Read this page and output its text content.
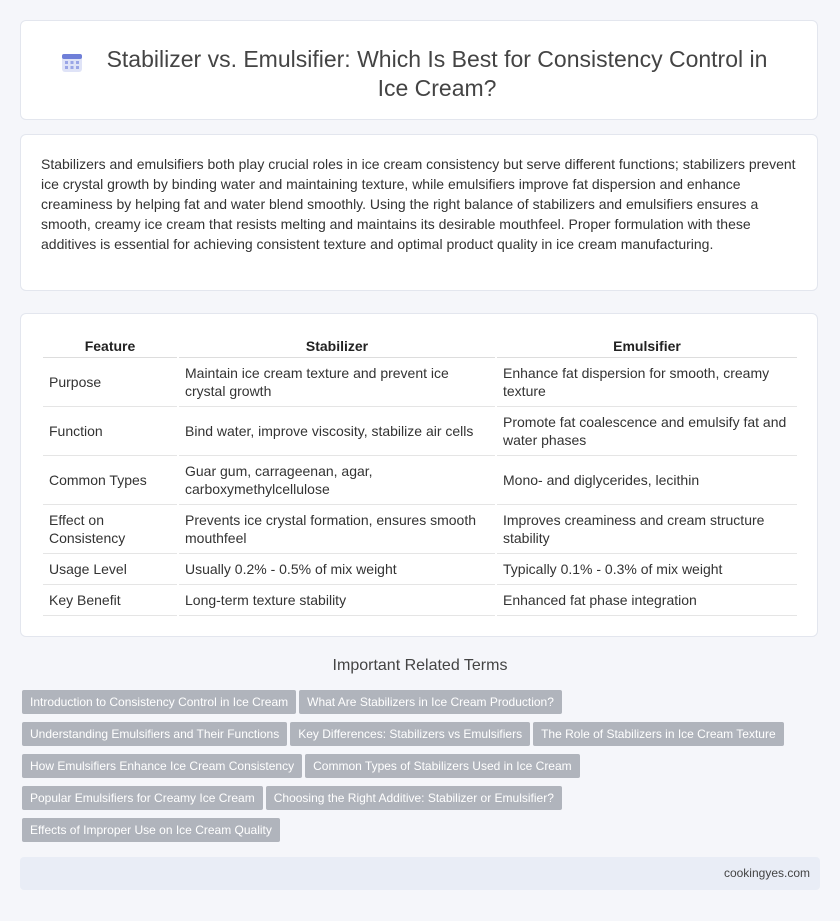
Stabilizer vs. Emulsifier: Which Is Best for Consistency Control in Ice Cream?

Stabilizers and emulsifiers both play crucial roles in ice cream consistency but serve different functions; stabilizers prevent ice crystal growth by binding water and maintaining texture, while emulsifiers improve fat dispersion and enhance creaminess by helping fat and water blend smoothly. Using the right balance of stabilizers and emulsifiers ensures a smooth, creamy ice cream that resists melting and maintains its desirable mouthfeel. Proper formulation with these additives is essential for achieving consistent texture and optimal product quality in ice cream manufacturing.

Feature	Stabilizer	Emulsifier
Purpose	Maintain ice cream texture and prevent ice crystal growth	Enhance fat dispersion for smooth, creamy texture
Function	Bind water, improve viscosity, stabilize air cells	Promote fat coalescence and emulsify fat and water phases
Common Types	Guar gum, carrageenan, agar, carboxymethylcellulose	Mono- and diglycerides, lecithin
Effect on Consistency	Prevents ice crystal formation, ensures smooth mouthfeel	Improves creaminess and cream structure stability
Usage Level	Usually 0.2% - 0.5% of mix weight	Typically 0.1% - 0.3% of mix weight
Key Benefit	Long-term texture stability	Enhanced fat phase integration
Important Related Terms
Introduction to Consistency Control in Ice Cream What Are Stabilizers in Ice Cream Production?
Understanding Emulsifiers and Their Functions Key Differences: Stabilizers vs Emulsifiers The Role of Stabilizers in Ice Cream Texture
How Emulsifiers Enhance Ice Cream Consistency Common Types of Stabilizers Used in Ice Cream
Popular Emulsifiers for Creamy Ice Cream Choosing the Right Additive: Stabilizer or Emulsifier?
Effects of Improper Use on Ice Cream Quality
cookingyes.com
